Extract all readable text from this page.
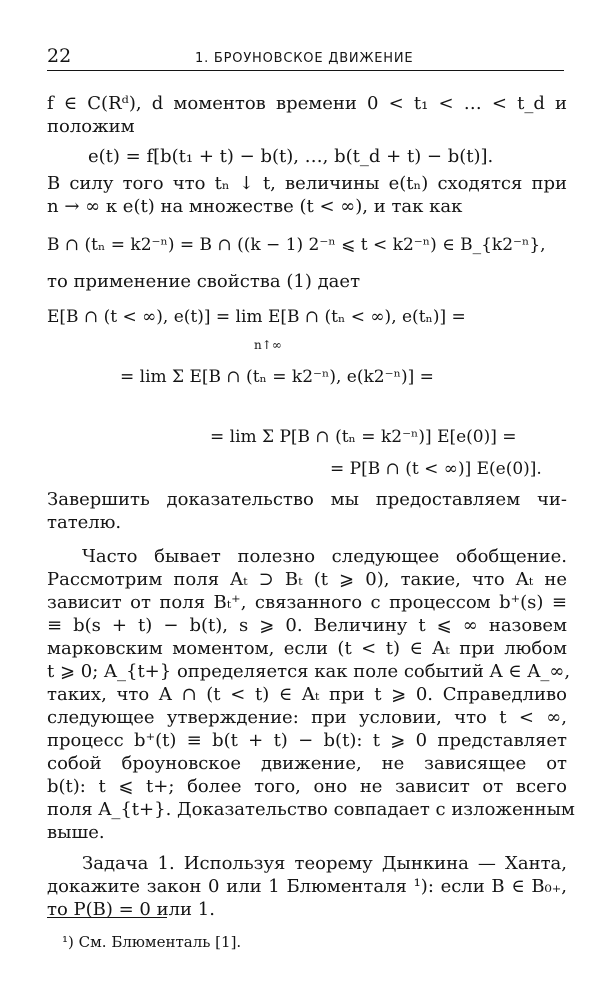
22	1. БРОУНОВСКОЕ ДВИЖЕНИЕ
f ∈ C(Rᵈ), d моментов времени 0 < t₁ < … < t_d и
положим
e(t) = f[b(t₁ + t) − b(t), …, b(t_d + t) − b(t)].
В силу того что tₙ ↓ t, величины e(tₙ) сходятся при
n → ∞ к e(t) на множестве (t < ∞), и так как
B ∩ (tₙ = k2⁻ⁿ) = B ∩ ((k − 1) 2⁻ⁿ ⩽ t < k2⁻ⁿ) ∈ B_{k2⁻ⁿ},
то применение свойства (1) дает
E[B ∩ (t < ∞), e(t)] = lim E[B ∩ (tₙ < ∞), e(tₙ)] =
n↑∞
= lim Σ E[B ∩ (tₙ = k2⁻ⁿ), e(k2⁻ⁿ)] =
= lim Σ P[B ∩ (tₙ = k2⁻ⁿ)] E[e(0)] =
= P[B ∩ (t < ∞)] E(e(0)].
Завершить доказательство мы предоставляем чи-
тателю.
Часто бывает полезно следующее обобщение.
Рассмотрим поля Aₜ ⊃ Bₜ (t ⩾ 0), такие, что Aₜ не
зависит от поля Bₜ⁺, связанного с процессом b⁺(s) ≡
≡ b(s + t) − b(t), s ⩾ 0. Величину t ⩽ ∞ назовем
марковским моментом, если (t < t) ∈ Aₜ при любом
t ⩾ 0; A_{t+} определяется как поле событий A ∈ A_∞,
таких, что A ∩ (t < t) ∈ Aₜ при t ⩾ 0. Справедливо
следующее утверждение: при условии, что t < ∞,
процесс b⁺(t) ≡ b(t + t) − b(t): t ⩾ 0 представляет
собой броуновское движение, не зависящее от
b(t): t ⩽ t+; более того, оно не зависит от всего
поля A_{t+}. Доказательство совпадает с изложенным
выше.
Задача 1. Используя теорему Дынкина — Ханта,
докажите закон 0 или 1 Блюменталя ¹): если B ∈ B₀₊,
то P(B) = 0 или 1.
¹) См. Блюменталь [1].
